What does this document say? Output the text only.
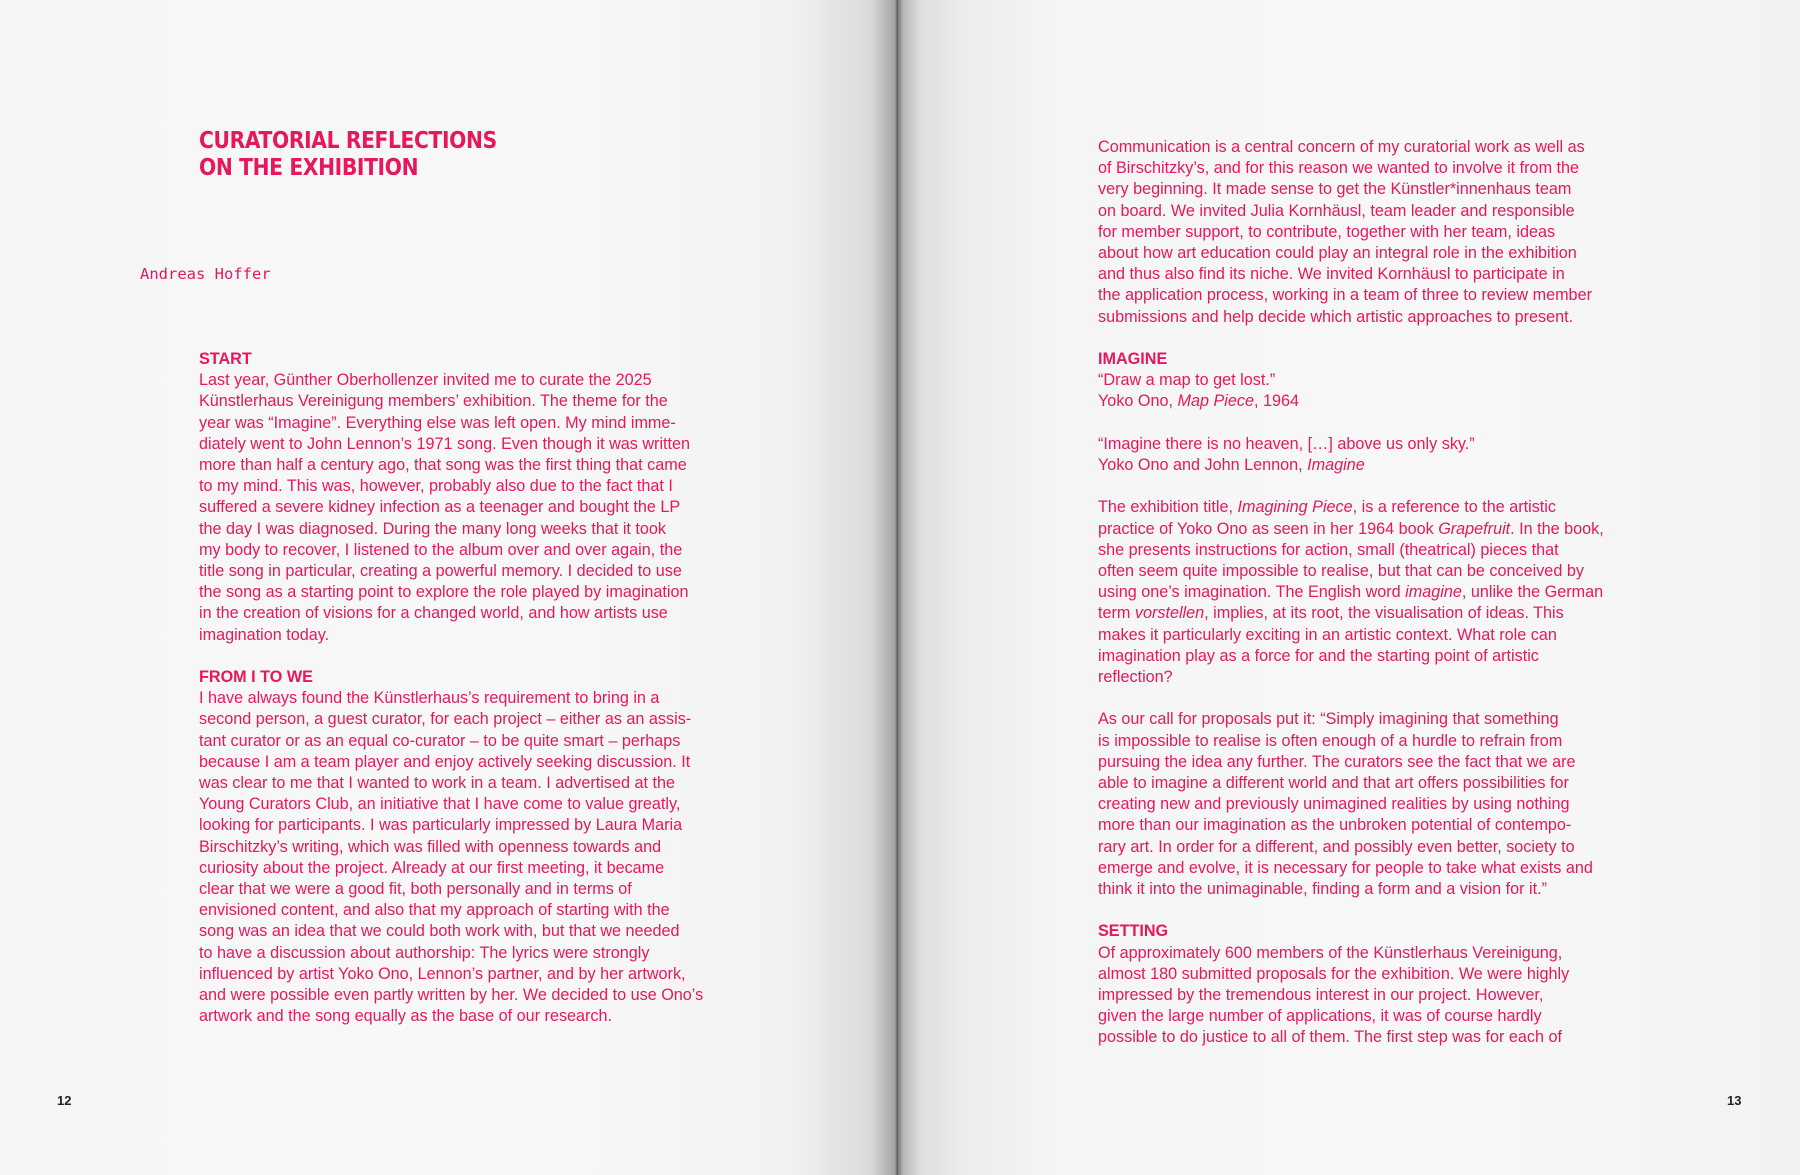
CURATORIAL REFLECTIONS
ON THE EXHIBITION
Andreas Hoffer
START
Last year, Günther Oberhollenzer invited me to curate the 2025
Künstlerhaus Vereinigung members’ exhibition. The theme for the
year was “Imagine”. Everything else was left open. My mind imme-
diately went to John Lennon’s 1971 song. Even though it was written
more than half a century ago, that song was the first thing that came
to my mind. This was, however, probably also due to the fact that I
suffered a severe kidney infection as a teenager and bought the LP
the day I was diagnosed. During the many long weeks that it took
my body to recover, I listened to the album over and over again, the
title song in particular, creating a powerful memory. I decided to use
the song as a starting point to explore the role played by imagination
in the creation of visions for a changed world, and how artists use
imagination today.
FROM I TO WE
I have always found the Künstlerhaus’s requirement to bring in a
second person, a guest curator, for each project – either as an assis-
tant curator or as an equal co-curator – to be quite smart – perhaps
because I am a team player and enjoy actively seeking discussion. It
was clear to me that I wanted to work in a team. I advertised at the
Young Curators Club, an initiative that I have come to value greatly,
looking for participants. I was particularly impressed by Laura Maria
Birschitzky’s writing, which was filled with openness towards and
curiosity about the project. Already at our first meeting, it became
clear that we were a good fit, both personally and in terms of
envisioned content, and also that my approach of starting with the
song was an idea that we could both work with, but that we needed
to have a discussion about authorship: The lyrics were strongly
influenced by artist Yoko Ono, Lennon’s partner, and by her artwork,
and were possible even partly written by her. We decided to use Ono’s
artwork and the song equally as the base of our research.
12
Communication is a central concern of my curatorial work as well as
of Birschitzky’s, and for this reason we wanted to involve it from the
very beginning. It made sense to get the Künstler*innenhaus team
on board. We invited Julia Kornhäusl, team leader and responsible
for member support, to contribute, together with her team, ideas
about how art education could play an integral role in the exhibition
and thus also find its niche. We invited Kornhäusl to participate in
the application process, working in a team of three to review member
submissions and help decide which artistic approaches to present.
IMAGINE
“Draw a map to get lost.”
Yoko Ono, Map Piece, 1964
“Imagine there is no heaven, […] above us only sky.”
Yoko Ono and John Lennon, Imagine
The exhibition title, Imagining Piece, is a reference to the artistic
practice of Yoko Ono as seen in her 1964 book Grapefruit. In the book,
she presents instructions for action, small (theatrical) pieces that
often seem quite impossible to realise, but that can be conceived by
using one’s imagination. The English word imagine, unlike the German
term vorstellen, implies, at its root, the visualisation of ideas. This
makes it particularly exciting in an artistic context. What role can
imagination play as a force for and the starting point of artistic
reflection?
As our call for proposals put it: “Simply imagining that something
is impossible to realise is often enough of a hurdle to refrain from
pursuing the idea any further. The curators see the fact that we are
able to imagine a different world and that art offers possibilities for
creating new and previously unimagined realities by using nothing
more than our imagination as the unbroken potential of contempo-
rary art. In order for a different, and possibly even better, society to
emerge and evolve, it is necessary for people to take what exists and
think it into the unimaginable, finding a form and a vision for it.”
SETTING
Of approximately 600 members of the Künstlerhaus Vereinigung,
almost 180 submitted proposals for the exhibition. We were highly
impressed by the tremendous interest in our project. However,
given the large number of applications, it was of course hardly
possible to do justice to all of them. The first step was for each of
13
